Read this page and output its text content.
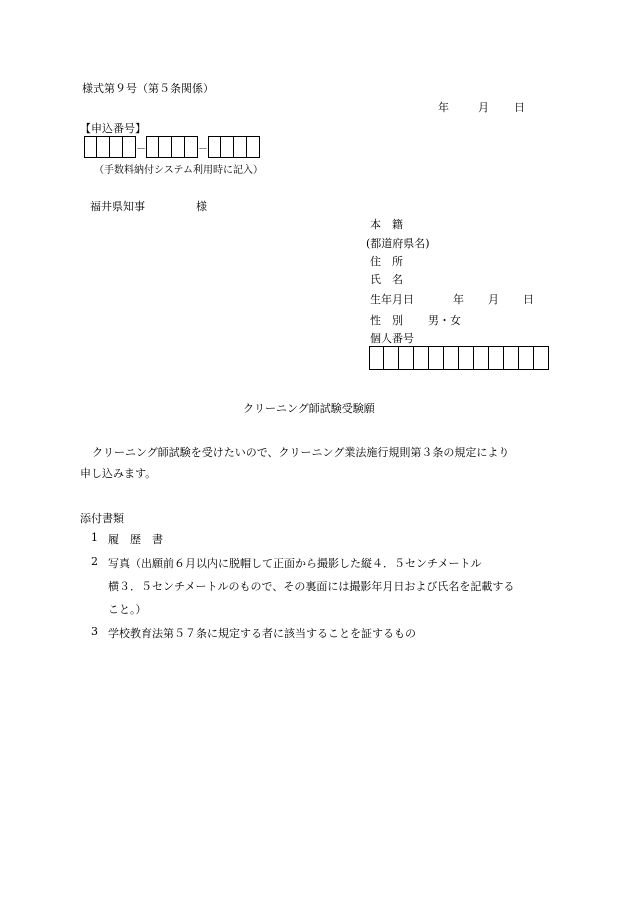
様式第９号（第５条関係）
年	月 日
【申込番号】
－	－
（手数料納付システム利用時に記入）
福井県知事	様
本　籍
(都道府県名)
住　所
氏　名
生年月日	年 月 日
性　別 男・女
個人番号
クリーニング師試験受験願
クリーニング師試験を受けたいので、クリーニング業法施行規則第３条の規定により
申し込みます。
添付書類
1 履　歴　書
2 写真（出願前６月以内に脱帽して正面から撮影した縦４．５センチメートル
横３．５センチメートルのもので、その裏面には撮影年月日および氏名を記載する
こと。）
3 学校教育法第５７条に規定する者に該当することを証するもの
